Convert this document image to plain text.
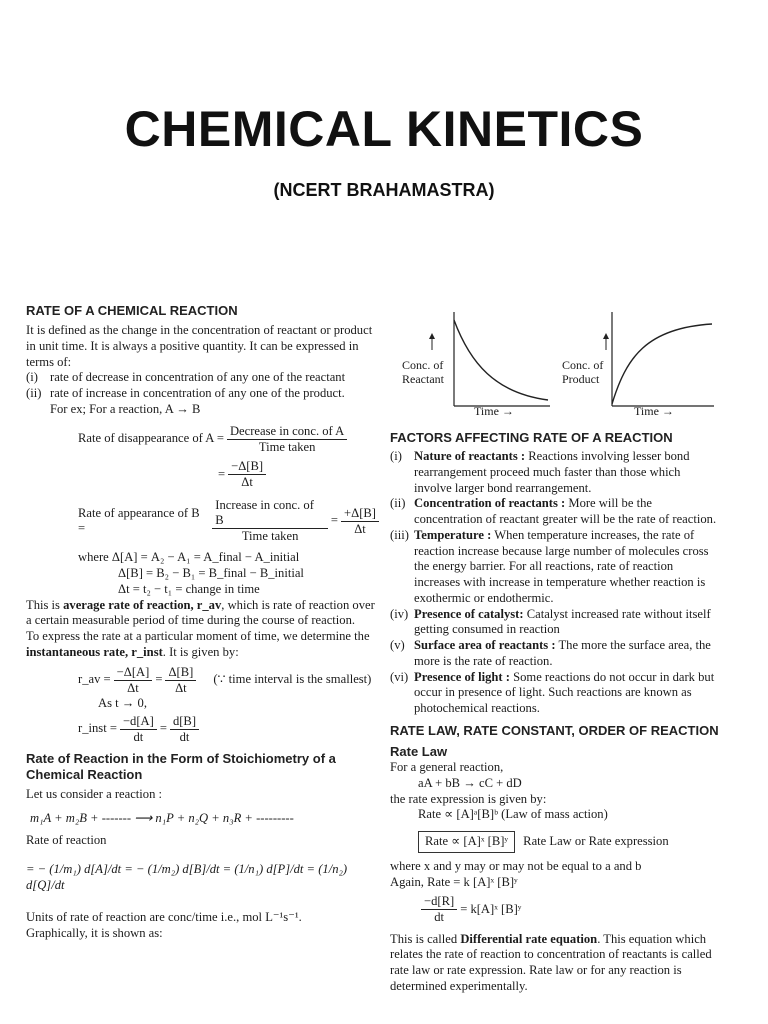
CHEMICAL KINETICS
(NCERT BRAHAMASTRA)
RATE OF A CHEMICAL REACTION

It is defined as the change in the concentration of reactant or product in unit time. It is always a positive quantity. It can be expressed in terms of:

(i) rate of decrease in concentration of any one of the reactant
(ii) rate of increase in concentration of any one of the product.

For ex; For a reaction, A → B

Rate of disappearance of $A = \frac{\text{Decrease in conc. of A}}{\text{Time taken}}$
= $\frac{-\Delta[B]}{\Delta t}$
Rate of appearance of B =	$\frac{\text{Increase in conc. of B}}{\text{Time taken}} = \frac{+\Delta[B]}{\Delta t}$
where Δ[A] = A₂ − A₁ = A_final − A_initial
Δ[B] = B₂ − B₁ = B_final − B_initial
Δt = t₂ − t₁ = change in time

This is average rate of reaction, r_av, which is rate of reaction over a certain measurable period of time during the course of reaction.

To express the rate at a particular moment of time, we determine the instantaneous rate, r_inst. It is given by:

r_av = $\frac{-\Delta[A]}{\Delta t} = \frac{\Delta[B]}{\Delta t}$ (∵ time interval is the smallest)
As t → 0,
r_inst = $\frac{-d[A]}{dt} = \frac{d[B]}{dt}$
Rate of Reaction in the Form of Stoichiometry of a Chemical Reaction

Let us consider a reaction :

m₁A + m₂B + ------- ⟶ n₁P + n₂Q + n₃R + ---------

Rate of reaction

= − (1/m₁) d[A]/dt = − (1/m₂) d[B]/dt = (1/n₁) d[P]/dt = (1/n₂) d[Q]/dt

Units of rate of reaction are conc/time i.e., mol L⁻¹s⁻¹.

Graphically, it is shown as:

Conc. of
Reactant
Time →
Conc. of
Product
Time →
FACTORS AFFECTING RATE OF A REACTION
(i) Nature of reactants : Reactions involving lesser bond rearrangement proceed much faster than those which involve larger bond rearrangement.
(ii) Concentration of reactants : More will be the concentration of reactant greater will be the rate of reaction.
(iii) Temperature : When temperature increases, the rate of reaction increase because large number of molecules cross the energy barrier. For all reactions, rate of reaction increases with increase in temperature whether reaction is exothermic or endothermic.
(iv) Presence of catalyst: Catalyst increased rate without itself getting consumed in reaction
(v) Surface area of reactants : The more the surface area, the more is the rate of reaction.
(vi) Presence of light : Some reactions do not occur in dark but occur in presence of light. Such reactions are known as photochemical reactions.
RATE LAW, RATE CONSTANT, ORDER OF REACTION
Rate Law

For a general reaction,

aA + bB → cC + dD

the rate expression is given by:

Rate ∝ [A]ᵃ[B]ᵇ (Law of mass action)

Rate ∝ [A]ˣ [B]ʸ	Rate Law or Rate expression

where x and y may or may not be equal to a and b

Again, Rate = k [A]ˣ [B]ʸ

$\frac{-d[R]}{dt}$ = k[A]ˣ [B]ʸ

This is called Differential rate equation. This equation which relates the rate of reaction to concentration of reactants is called rate law or rate expression. Rate law or for any reaction is determined experimentally.
